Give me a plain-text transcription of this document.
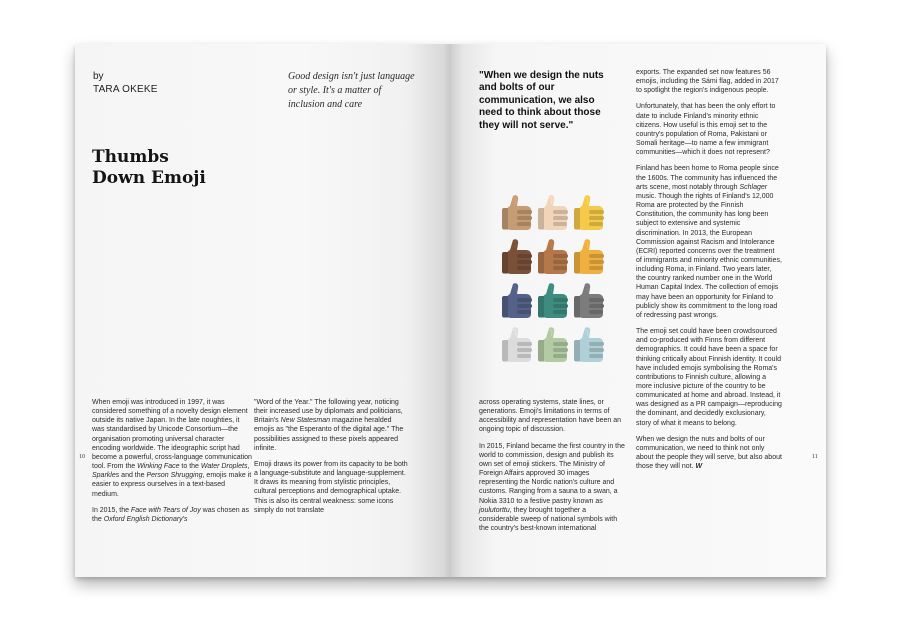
by
TARA OKEKE
Good design isn't just language or style. It's a matter of inclusion and care
Thumbs
Down Emoji

When emoji was introduced in 1997, it was considered something of a novelty design element outside its native Japan. In the late noughties, it was standardised by Unicode Consortium—the organisation promoting universal character encoding worldwide. The ideographic script had become a powerful, cross-language communication tool. From the Winking Face to the Water Droplets, Sparkles and the Person Shrugging, emojis make it easier to express ourselves in a text-based medium.

In 2015, the Face with Tears of Joy was chosen as the Oxford English Dictionary's

"Word of the Year." The following year, noticing their increased use by diplomats and politicians, Britain's New Statesman magazine heralded emojis as "the Esperanto of the digital age." The possibilities assigned to these pixels appeared infinite.

Emoji draws its power from its capacity to be both a language-substitute and language-supplement. It draws its meaning from stylistic principles, cultural perceptions and demographical uptake. This is also its central weakness: some icons simply do not translate

10
"When we design the nuts and bolts of our communication, we also need to think about those they will not serve."

across operating systems, state lines, or generations. Emoji's limitations in terms of accessibility and representation have been an ongoing topic of discussion.

In 2015, Finland became the first country in the world to commission, design and publish its own set of emoji stickers. The Ministry of Foreign Affairs approved 30 images representing the Nordic nation's culture and customs. Ranging from a sauna to a swan, a Nokia 3310 to a festive pastry known as joulutorttu, they brought together a considerable sweep of national symbols with the country's best-known international

exports. The expanded set now features 56 emojis, including the Sámi flag, added in 2017 to spotlight the region's indigenous people.

Unfortunately, that has been the only effort to date to include Finland's minority ethnic citizens. How useful is this emoji set to the country's population of Roma, Pakistani or Somali heritage—to name a few immigrant communities—which it does not represent?

Finland has been home to Roma people since the 1600s. The community has influenced the arts scene, most notably through Schlager music. Though the rights of Finland's 12,000 Roma are protected by the Finnish Constitution, the community has long been subject to extensive and systemic discrimination. In 2013, the European Commission against Racism and Intolerance (ECRI) reported concerns over the treatment of immigrants and minority ethnic communities, including Roma, in Finland. Two years later, the country ranked number one in the World Human Capital Index. The collection of emojis may have been an opportunity for Finland to publicly show its commitment to the long road of redressing past wrongs.

The emoji set could have been crowdsourced and co-produced with Finns from different demographics. It could have been a space for thinking critically about Finnish identity. It could have included emojis symbolising the Roma's contributions to Finnish culture, allowing a more inclusive picture of the country to be communicated at home and abroad. Instead, it was designed as a PR campaign—reproducing the dominant, and decidedly exclusionary, story of what it means to belong.

When we design the nuts and bolts of our communication, we need to think not only about the people they will serve, but also about those they will not. W

11
